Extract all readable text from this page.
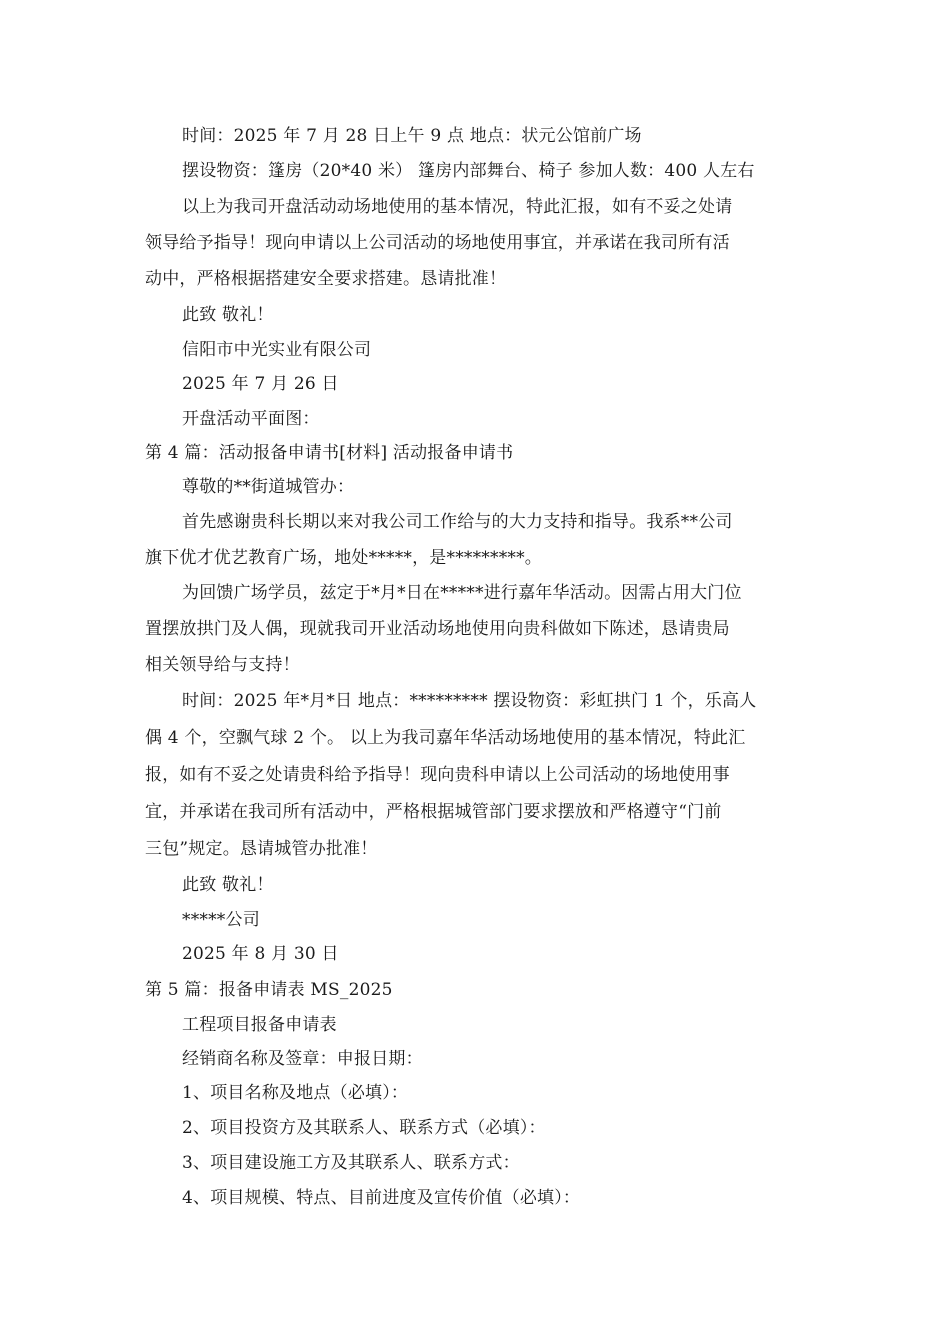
时间：2025 年 7 月 28 日上午 9 点 地点：状元公馆前广场
摆设物资：篷房（20*40 米） 篷房内部舞台、椅子 参加人数：400 人左右
以上为我司开盘活动动场地使用的基本情况，特此汇报，如有不妥之处请
领导给予指导！现向申请以上公司活动的场地使用事宜，并承诺在我司所有活
动中，严格根据搭建安全要求搭建。恳请批准！
此致 敬礼！
信阳市中光实业有限公司
2025 年 7 月 26 日
开盘活动平面图：
第 4 篇：活动报备申请书[材料] 活动报备申请书
尊敬的**街道城管办：
首先感谢贵科长期以来对我公司工作给与的大力支持和指导。我系**公司
旗下优才优艺教育广场，地处*****，是*********。
为回馈广场学员，兹定于*月*日在*****进行嘉年华活动。因需占用大门位
置摆放拱门及人偶，现就我司开业活动场地使用向贵科做如下陈述，恳请贵局
相关领导给与支持！
时间：2025 年*月*日 地点：********* 摆设物资：彩虹拱门 1 个，乐高人
偶 4 个，空飘气球 2 个。 以上为我司嘉年华活动场地使用的基本情况，特此汇
报，如有不妥之处请贵科给予指导！现向贵科申请以上公司活动的场地使用事
宜，并承诺在我司所有活动中，严格根据城管部门要求摆放和严格遵守“门前
三包”规定。恳请城管办批准！
此致 敬礼！
*****公司
2025 年 8 月 30 日
第 5 篇：报备申请表 MS_2025
工程项目报备申请表
经销商名称及签章：申报日期：
1、项目名称及地点（必填）：
2、项目投资方及其联系人、联系方式（必填）：
3、项目建设施工方及其联系人、联系方式：
4、项目规模、特点、目前进度及宣传价值（必填）：
